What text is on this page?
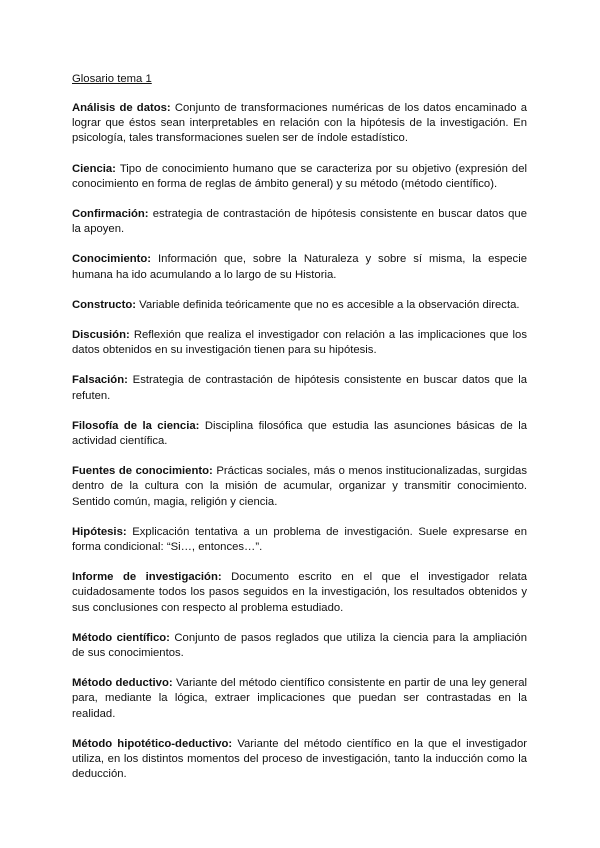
Glosario tema 1

Análisis de datos: Conjunto de transformaciones numéricas de los datos encaminado a lograr que éstos sean interpretables en relación con la hipótesis de la investigación. En psicología, tales transformaciones suelen ser de índole estadístico.

Ciencia: Tipo de conocimiento humano que se caracteriza por su objetivo (expresión del conocimiento en forma de reglas de ámbito general) y su método (método científico).

Confirmación: estrategia de contrastación de hipótesis consistente en buscar datos que la apoyen.

Conocimiento: Información que, sobre la Naturaleza y sobre sí misma, la especie humana ha ido acumulando a lo largo de su Historia.

Constructo: Variable definida teóricamente que no es accesible a la observación directa.

Discusión: Reflexión que realiza el investigador con relación a las implicaciones que los datos obtenidos en su investigación tienen para su hipótesis.

Falsación: Estrategia de contrastación de hipótesis consistente en buscar datos que la refuten.

Filosofía de la ciencia: Disciplina filosófica que estudia las asunciones básicas de la actividad científica.

Fuentes de conocimiento: Prácticas sociales, más o menos institucionalizadas, surgidas dentro de la cultura con la misión de acumular, organizar y transmitir conocimiento. Sentido común, magia, religión y ciencia.

Hipótesis: Explicación tentativa a un problema de investigación. Suele expresarse en forma condicional: “Si…, entonces…”.

Informe de investigación: Documento escrito en el que el investigador relata cuidadosamente todos los pasos seguidos en la investigación, los resultados obtenidos y sus conclusiones con respecto al problema estudiado.

Método científico: Conjunto de pasos reglados que utiliza la ciencia para la ampliación de sus conocimientos.

Método deductivo: Variante del método científico consistente en partir de una ley general para, mediante la lógica, extraer implicaciones que puedan ser contrastadas en la realidad.

Método hipotético-deductivo: Variante del método científico en la que el investigador utiliza, en los distintos momentos del proceso de investigación, tanto la inducción como la deducción.
